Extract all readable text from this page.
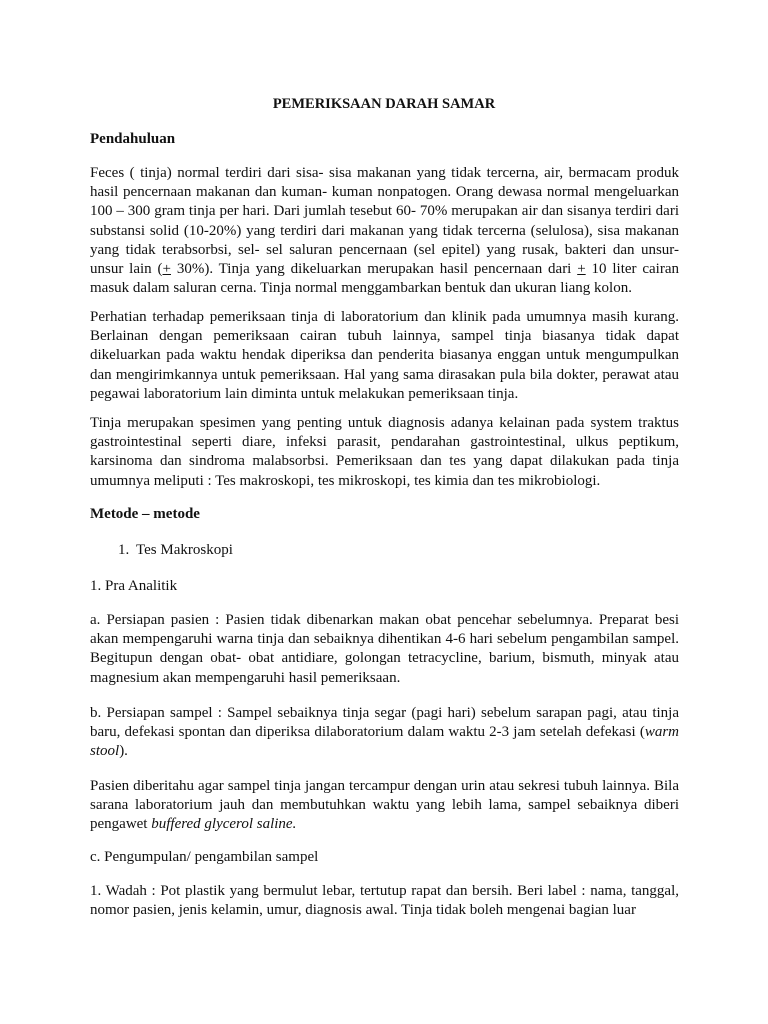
PEMERIKSAAN DARAH SAMAR

Pendahuluan

Feces ( tinja) normal terdiri dari sisa- sisa makanan yang tidak tercerna, air, bermacam produk hasil pencernaan makanan dan kuman- kuman nonpatogen. Orang dewasa normal mengeluarkan 100 – 300 gram tinja per hari. Dari jumlah tesebut 60- 70% merupakan air dan sisanya terdiri dari substansi solid (10-20%) yang terdiri dari makanan yang tidak tercerna (selulosa), sisa makanan yang tidak terabsorbsi, sel- sel saluran pencernaan (sel epitel) yang rusak, bakteri dan unsur- unsur lain (+ 30%). Tinja yang dikeluarkan merupakan hasil pencernaan dari + 10 liter cairan masuk dalam saluran cerna. Tinja normal menggambarkan bentuk dan ukuran liang kolon.

Perhatian terhadap pemeriksaan tinja di laboratorium dan klinik pada umumnya masih kurang. Berlainan dengan pemeriksaan cairan tubuh lainnya, sampel tinja biasanya tidak dapat dikeluarkan pada waktu hendak diperiksa dan penderita biasanya enggan untuk mengumpulkan dan mengirimkannya untuk pemeriksaan. Hal yang sama dirasakan pula bila dokter, perawat atau pegawai laboratorium lain diminta untuk melakukan pemeriksaan tinja.

Tinja merupakan spesimen yang penting untuk diagnosis adanya kelainan pada system traktus gastrointestinal seperti diare, infeksi parasit, pendarahan gastrointestinal, ulkus peptikum, karsinoma dan sindroma malabsorbsi. Pemeriksaan dan tes yang dapat dilakukan pada tinja umumnya meliputi : Tes makroskopi, tes mikroskopi, tes kimia dan tes mikrobiologi.

Metode – metode

1. Tes Makroskopi

1. Pra Analitik

a. Persiapan pasien : Pasien tidak dibenarkan makan obat pencehar sebelumnya. Preparat besi akan mempengaruhi warna tinja dan sebaiknya dihentikan 4-6 hari sebelum pengambilan sampel. Begitupun dengan obat- obat antidiare, golongan tetracycline, barium, bismuth, minyak atau magnesium akan mempengaruhi hasil pemeriksaan.

b. Persiapan sampel : Sampel sebaiknya tinja segar (pagi hari) sebelum sarapan pagi, atau tinja baru, defekasi spontan dan diperiksa dilaboratorium dalam waktu 2-3 jam setelah defekasi (warm stool).

Pasien diberitahu agar sampel tinja jangan tercampur dengan urin atau sekresi tubuh lainnya. Bila sarana laboratorium jauh dan membutuhkan waktu yang lebih lama, sampel sebaiknya diberi pengawet buffered glycerol saline.

c. Pengumpulan/ pengambilan sampel

1. Wadah : Pot plastik yang bermulut lebar, tertutup rapat dan bersih. Beri label : nama, tanggal, nomor pasien, jenis kelamin, umur, diagnosis awal. Tinja tidak boleh mengenai bagian luar
